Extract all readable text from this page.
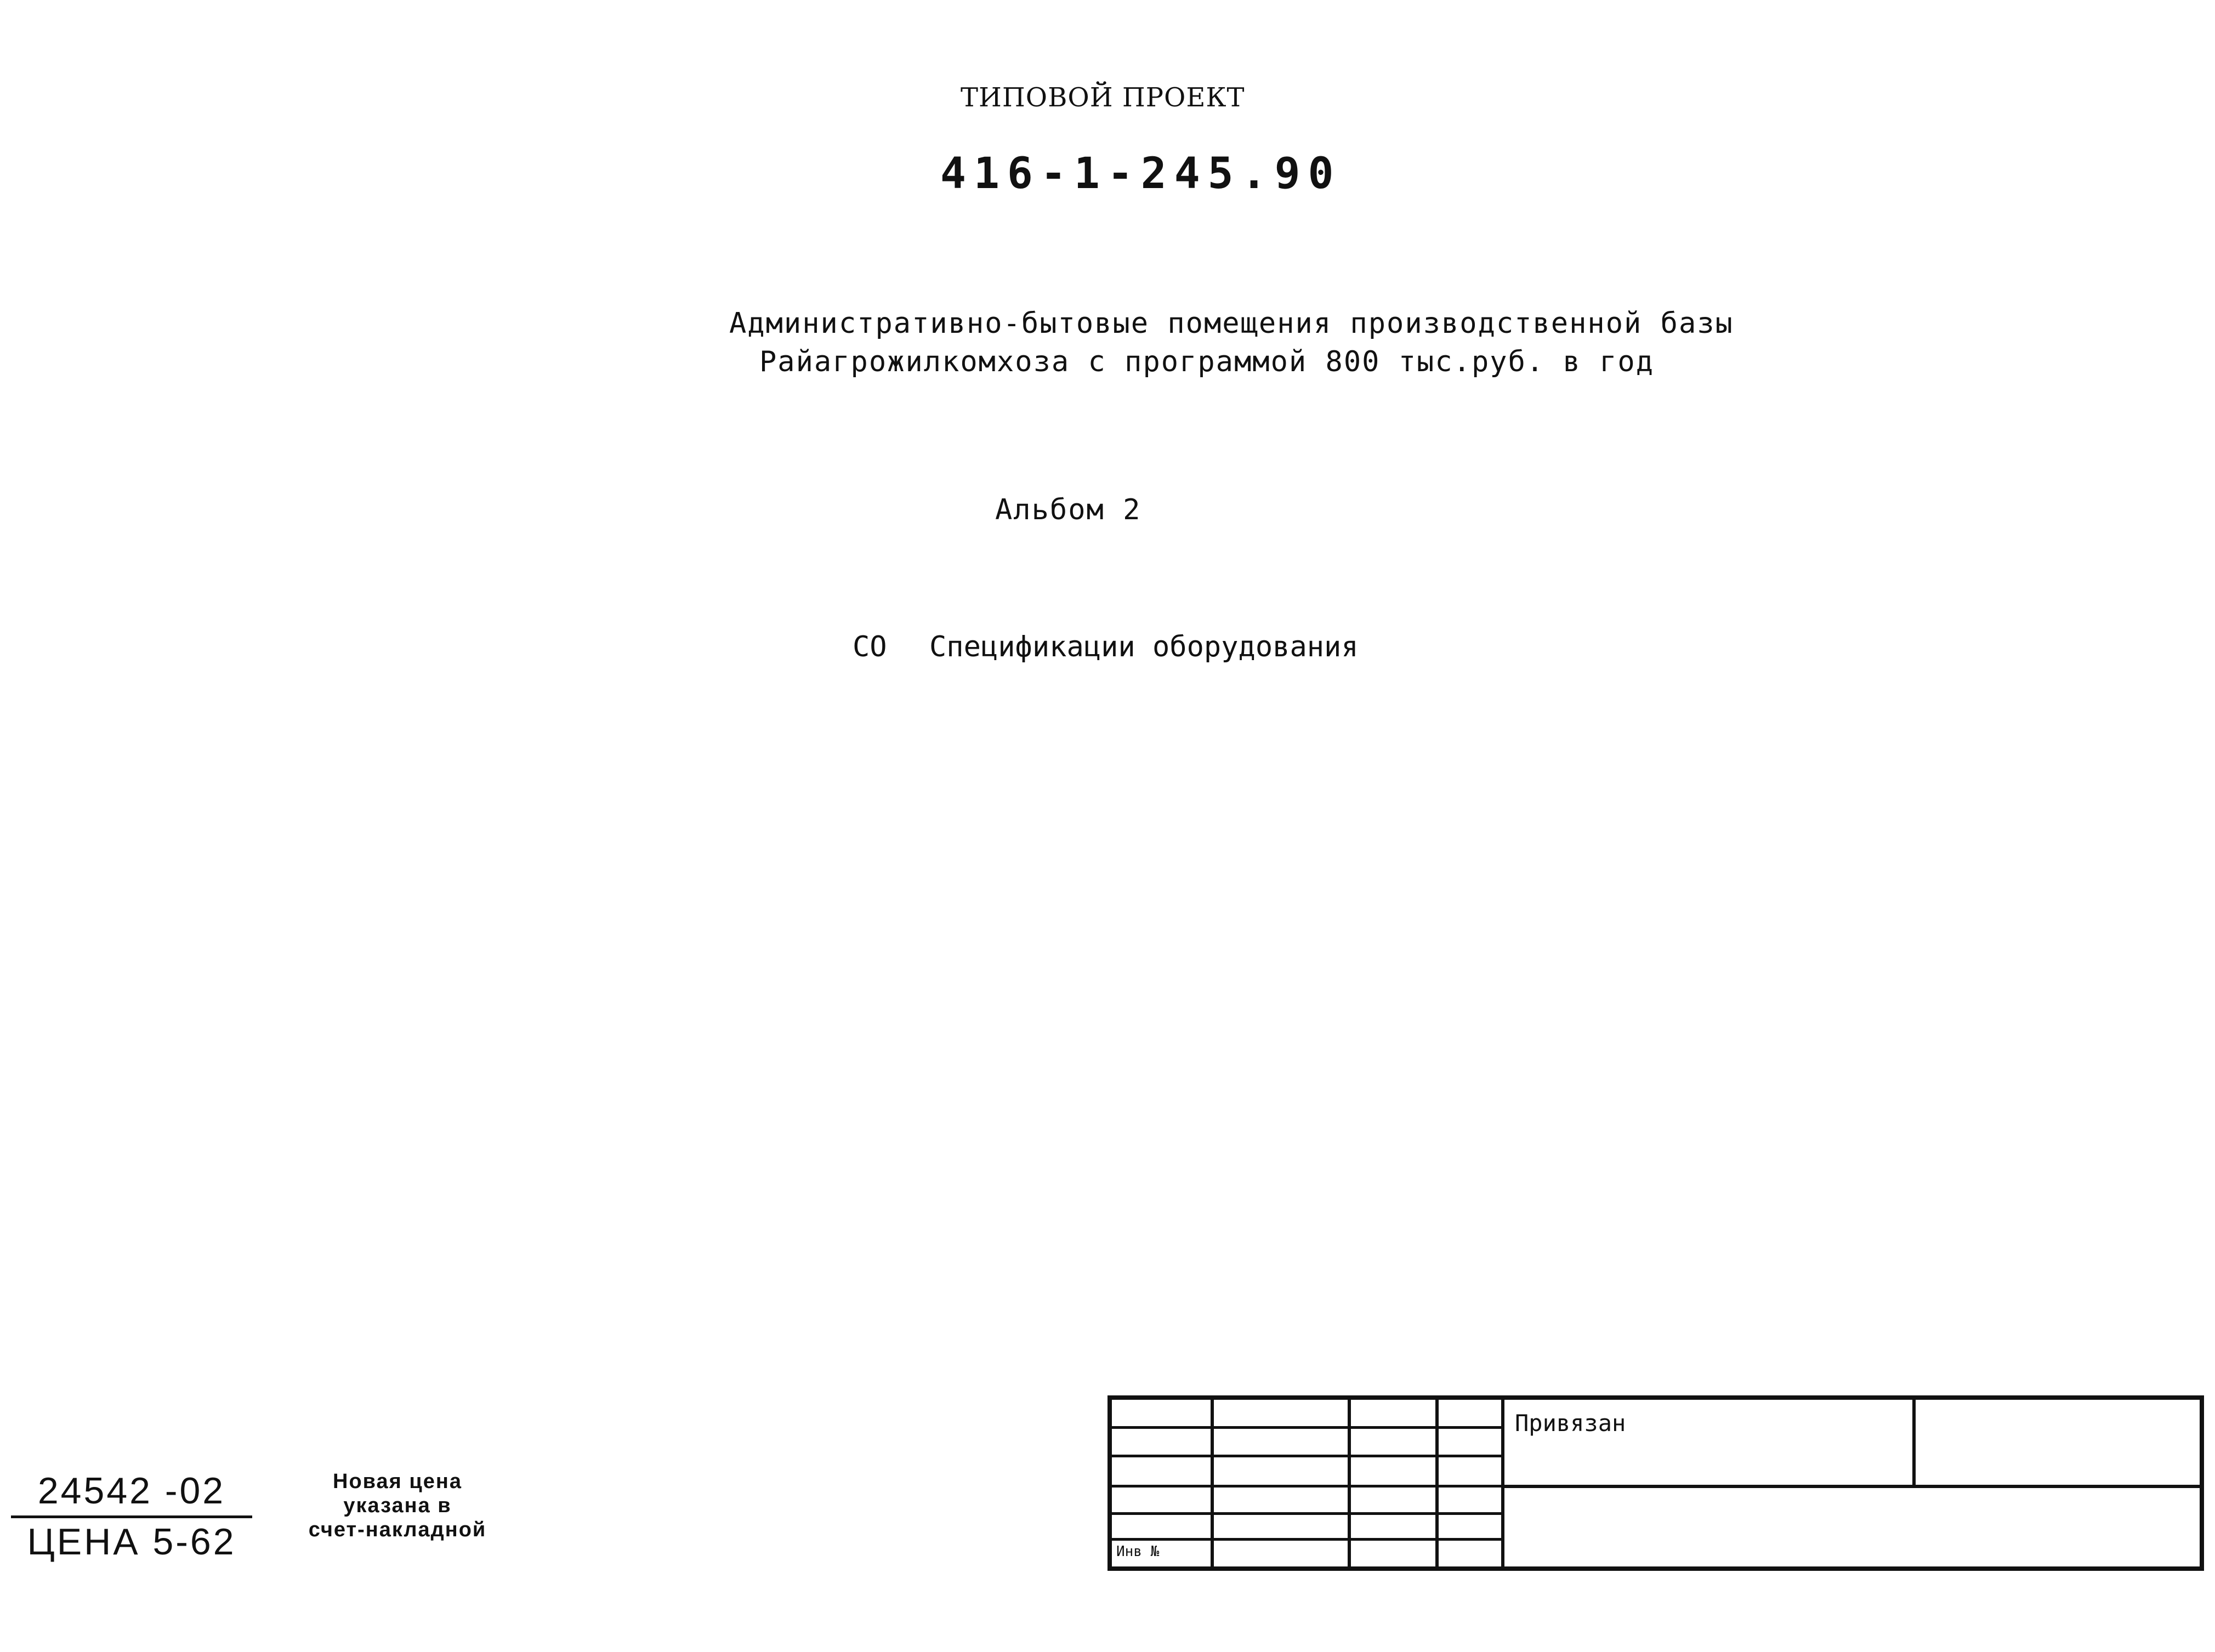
ТИПОВОЙ ПРОЕКТ
416-1-245.90
Административно-бытовые помещения производственной базы
Райагрожилкомхоза с программой 800 тыс.руб. в год
Альбом 2
СО Спецификации оборудования
24542 -02
ЦЕНА 5-62
Новая цена
указана в
счет-накладной
Привязан
Инв №
